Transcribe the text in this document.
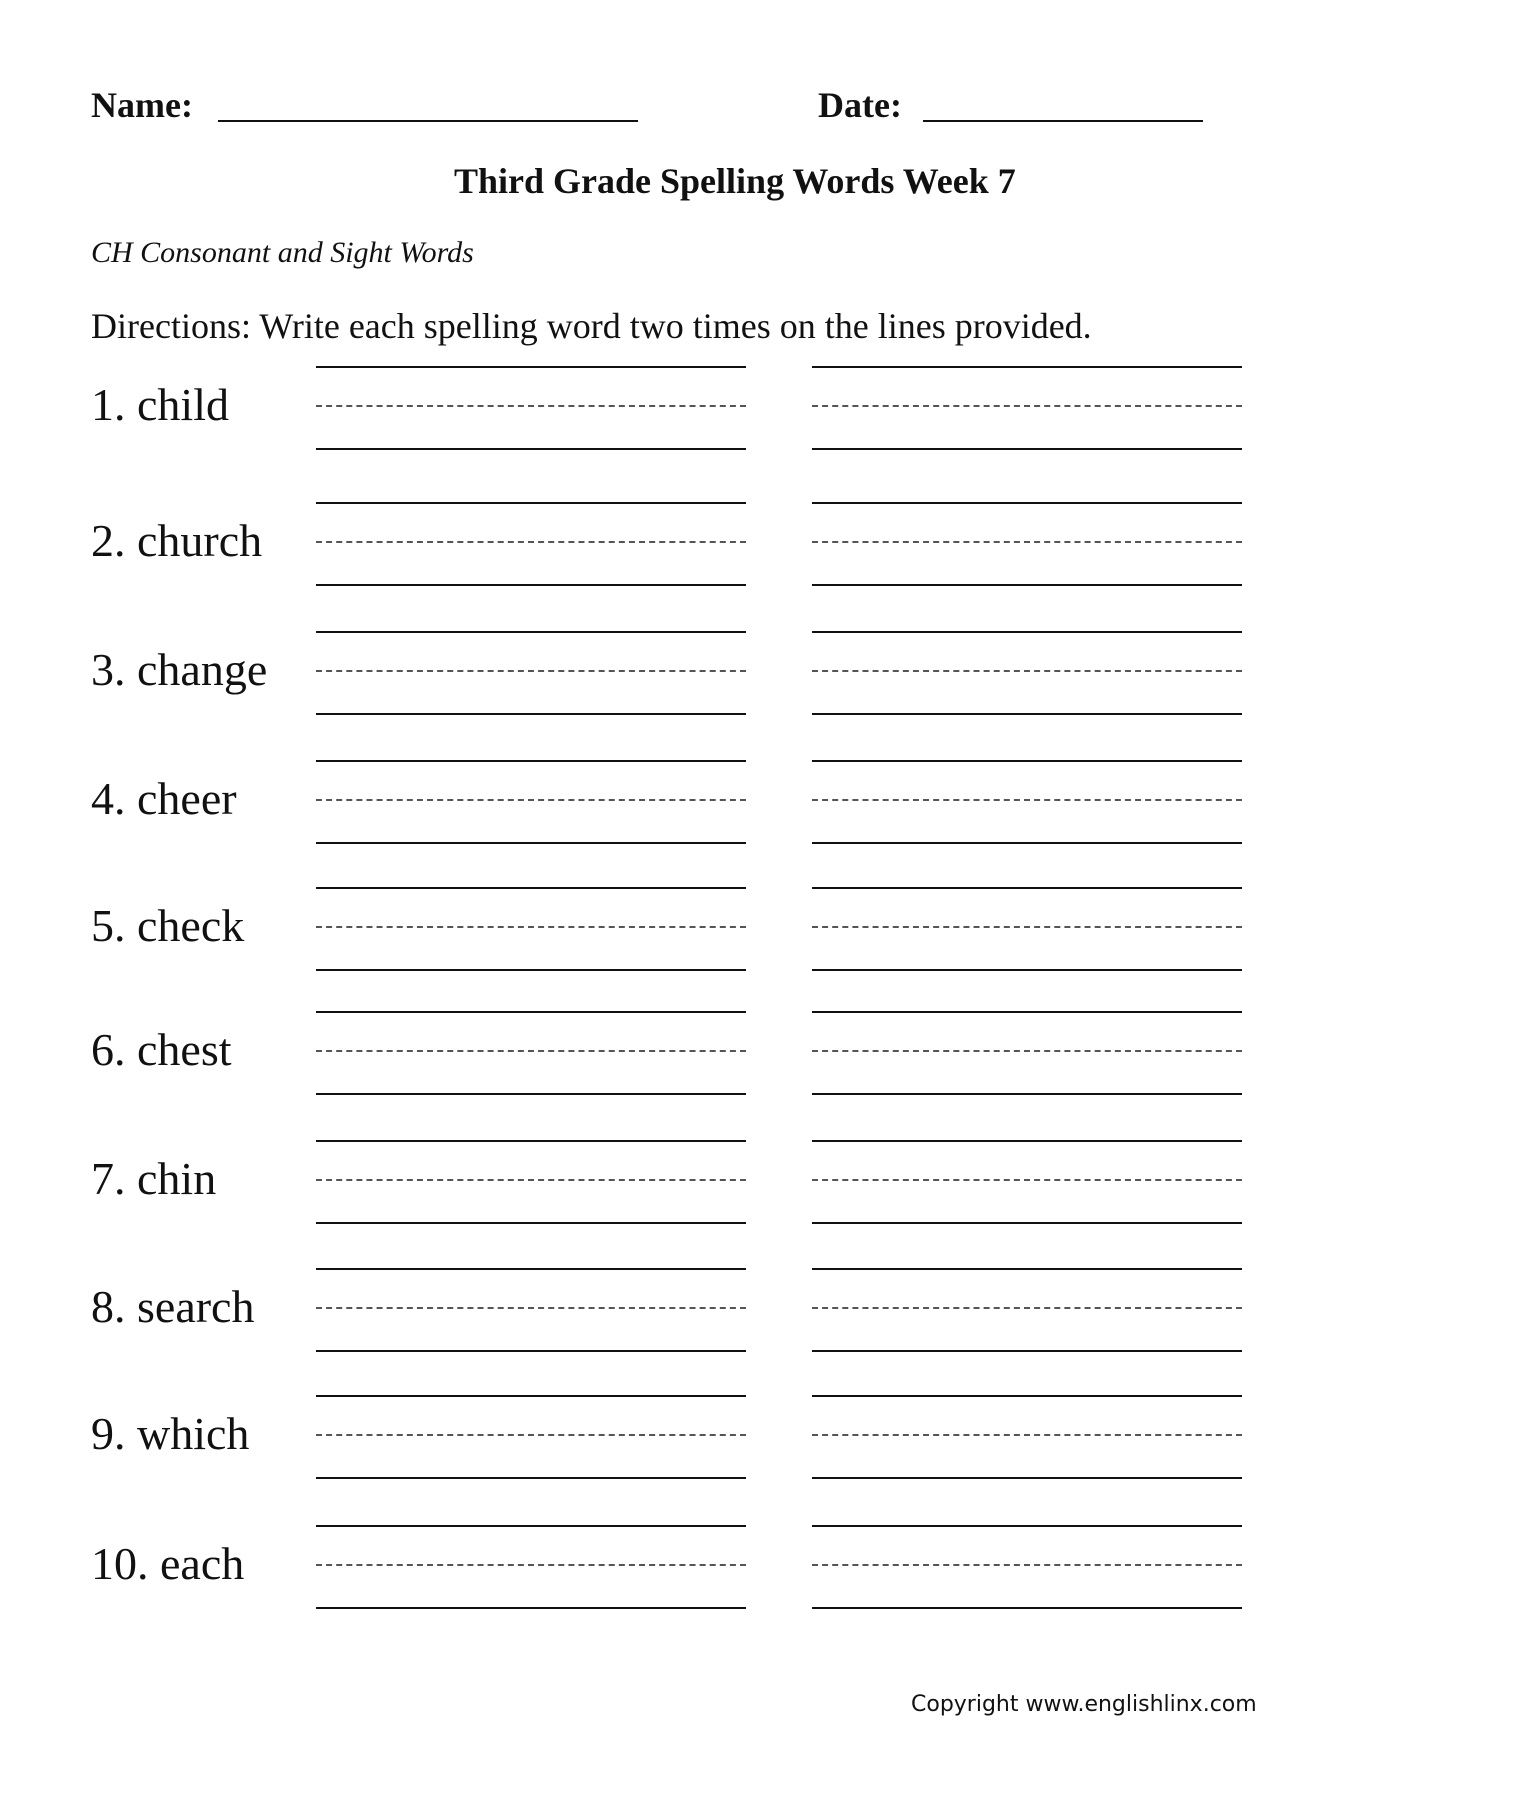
Name:	Date:
Third Grade Spelling Words Week 7
CH Consonant and Sight Words
Directions: Write each spelling word two times on the lines provided.
1. child
2. church
3. change
4. cheer
5. check
6. chest
7. chin
8. search
9. which
10. each
Copyright www.englishlinx.com
